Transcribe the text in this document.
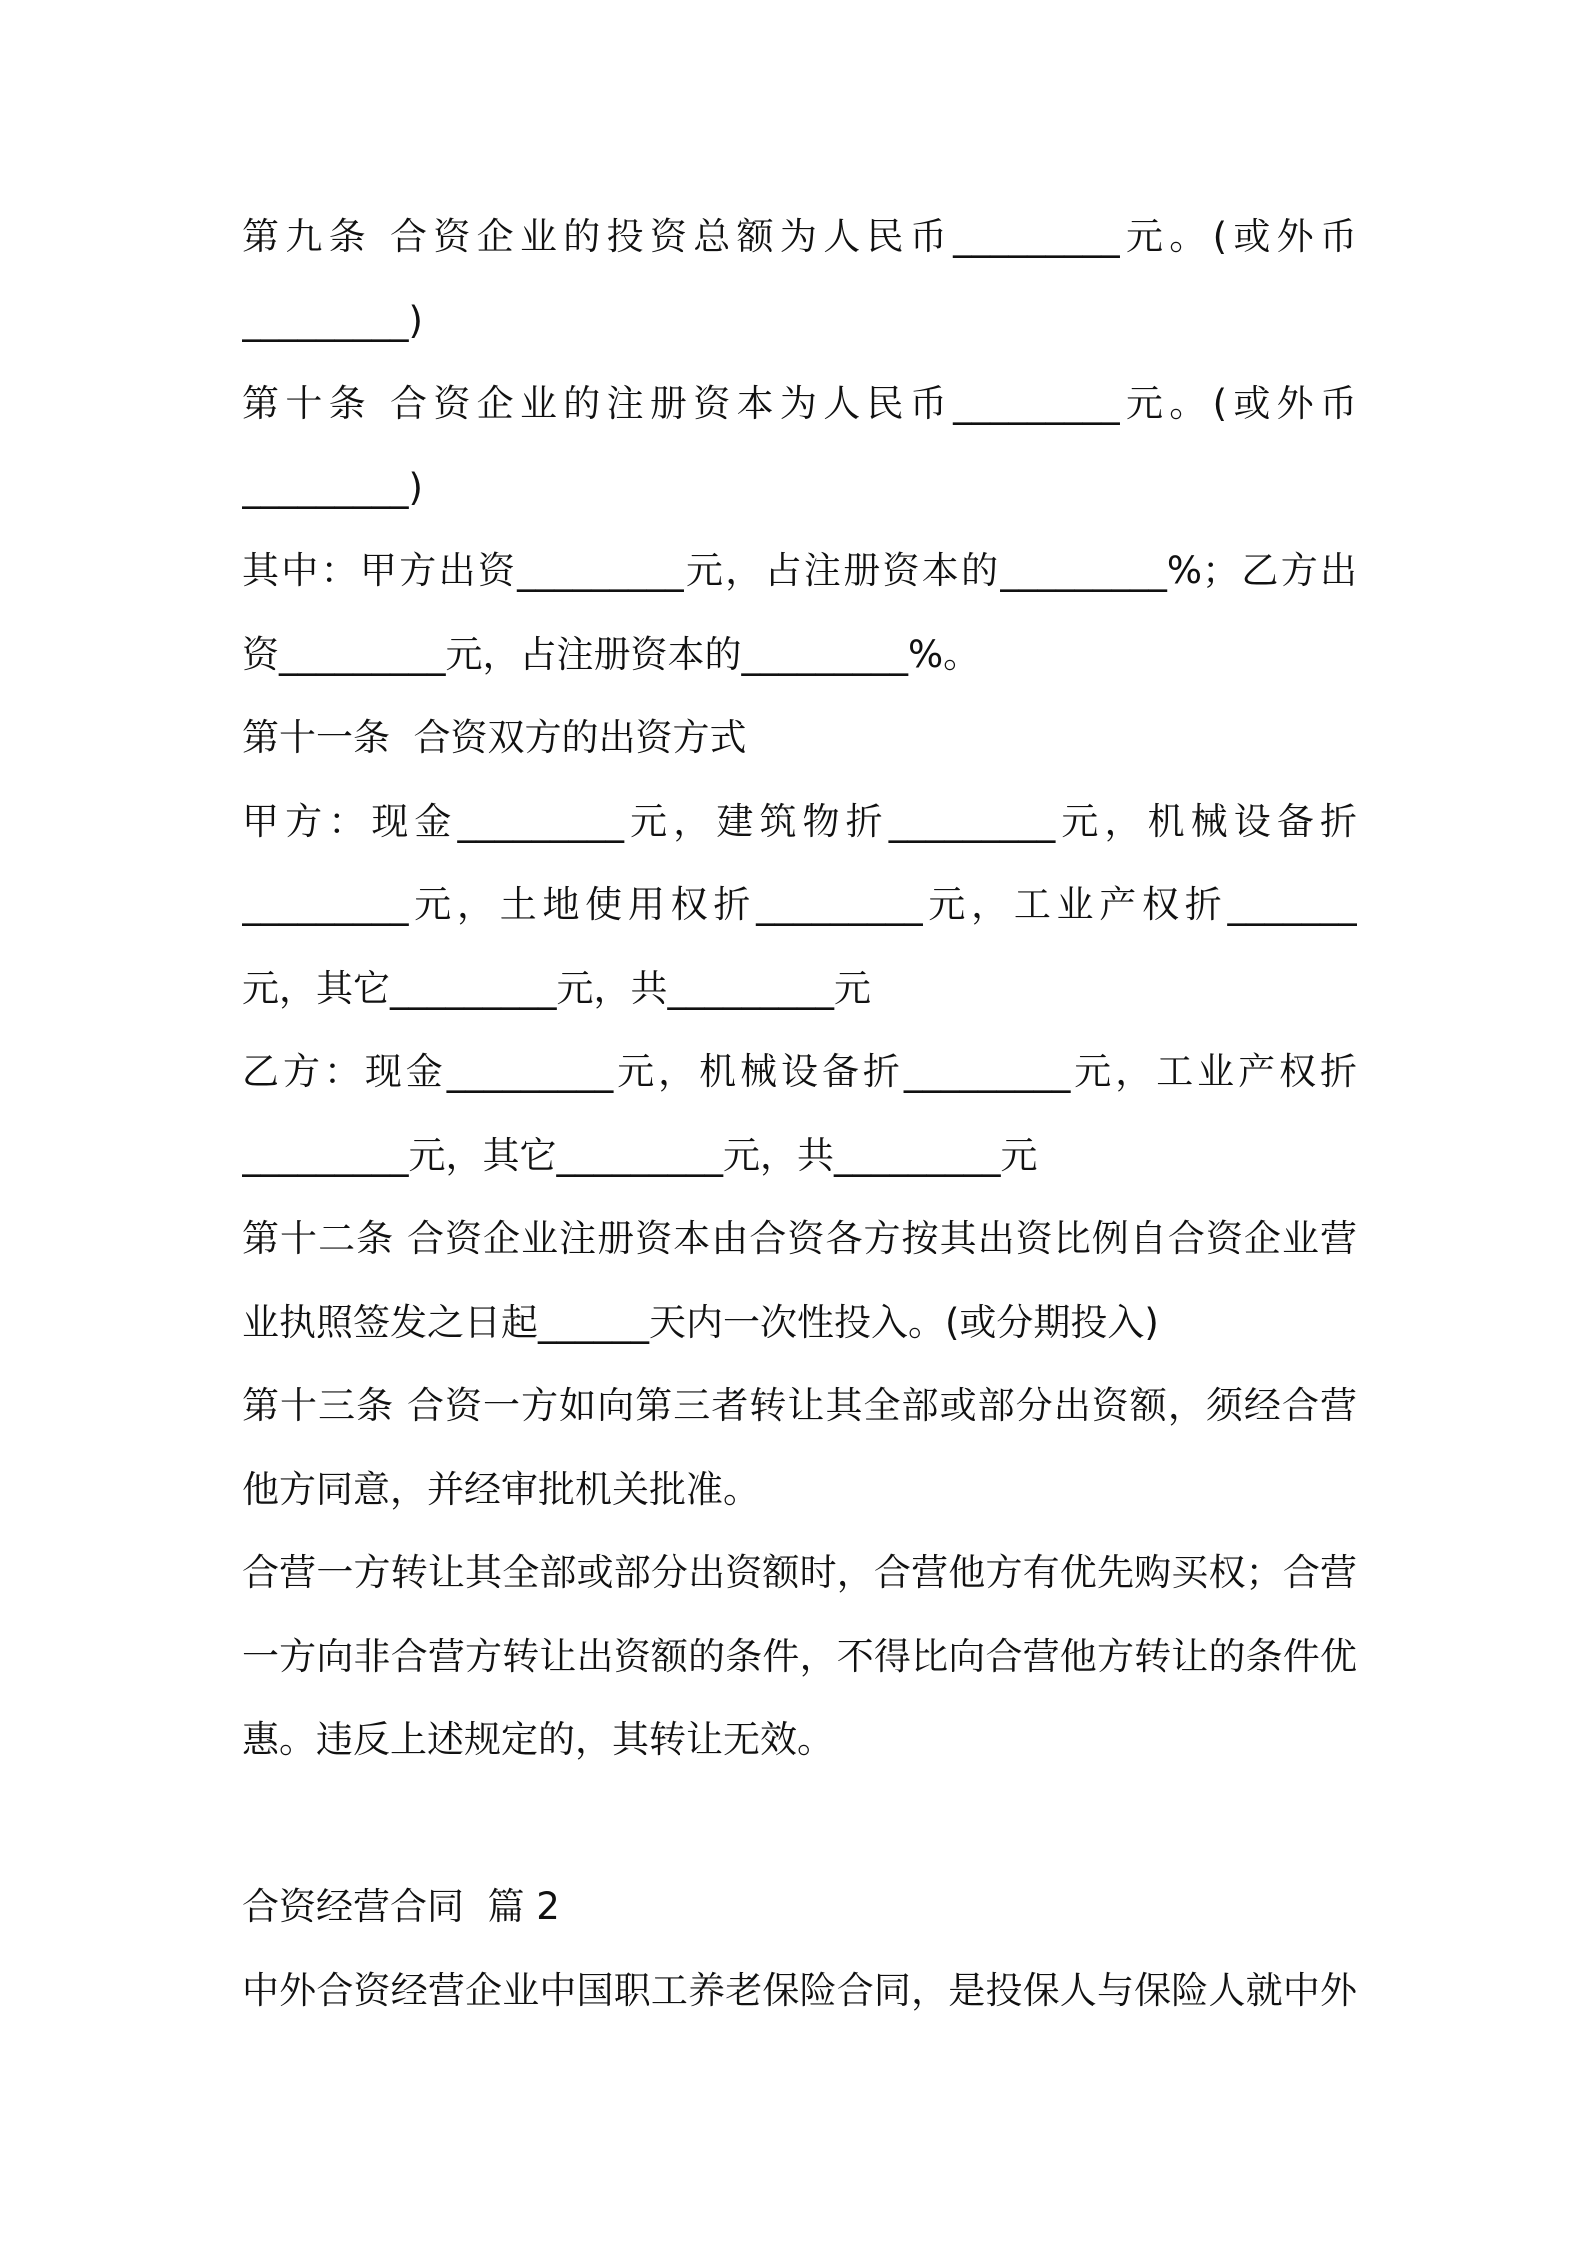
第九条 合资企业的投资总额为人民币_________元。(或外币
_________)
第十条 合资企业的注册资本为人民币_________元。(或外币
_________)
其中：甲方出资_________元，占注册资本的_________%；乙方出
资_________元，占注册资本的_________%。
第十一条  合资双方的出资方式
甲方：现金_________元，建筑物折_________元，机械设备折
_________元，土地使用权折_________元，工业产权折_______
元，其它_________元，共_________元
乙方：现金_________元，机械设备折_________元，工业产权折
_________元，其它_________元，共_________元
第十二条 合资企业注册资本由合资各方按其出资比例自合资企业营
业执照签发之日起______天内一次性投入。(或分期投入)
第十三条 合资一方如向第三者转让其全部或部分出资额，须经合营
他方同意，并经审批机关批准。
合营一方转让其全部或部分出资额时，合营他方有优先购买权；合营
一方向非合营方转让出资额的条件，不得比向合营他方转让的条件优
惠。违反上述规定的，其转让无效。
合资经营合同  篇 2
中外合资经营企业中国职工养老保险合同，是投保人与保险人就中外
